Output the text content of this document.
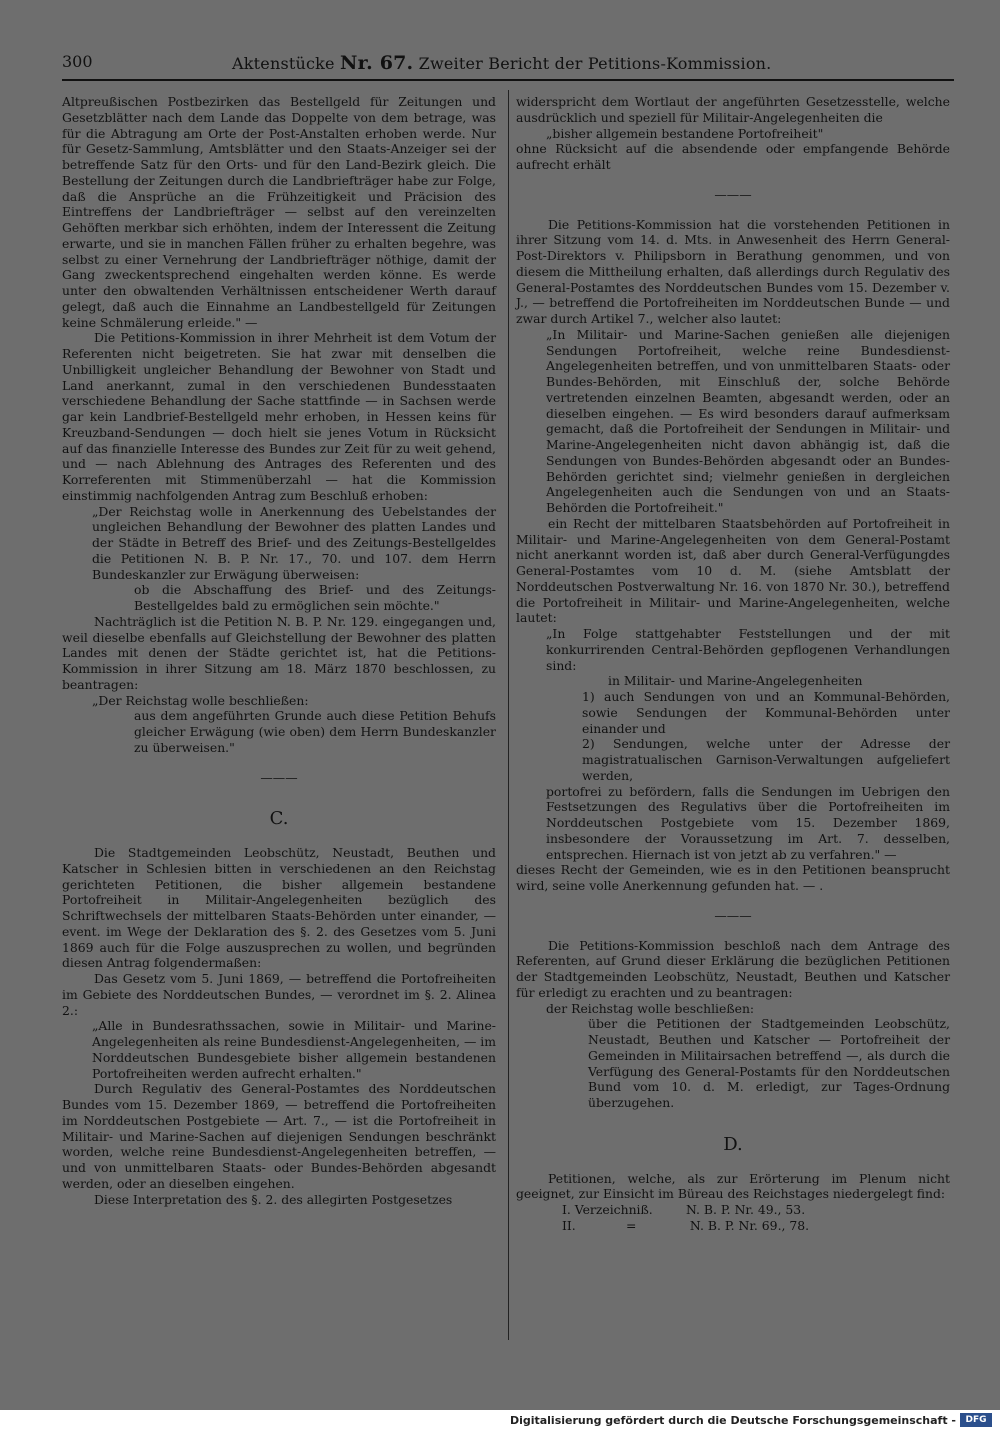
300	Aktenstücke Nr. 67. Zweiter Bericht der Petitions-Kommission.

Altpreußischen Postbezirken das Bestellgeld für Zeitungen und Gesetzblätter nach dem Lande das Doppelte von dem betrage, was für die Abtragung am Orte der Post-Anstalten erhoben werde. Nur für Gesetz-Sammlung, Amtsblätter und den Staats-Anzeiger sei der betreffende Satz für den Orts- und für den Land-Bezirk gleich. Die Bestellung der Zeitungen durch die Landbriefträger habe zur Folge, daß die Ansprüche an die Frühzeitigkeit und Präcision des Eintreffens der Landbriefträger — selbst auf den vereinzelten Gehöften merkbar sich erhöhten, indem der Interessent die Zeitung erwarte, und sie in manchen Fällen früher zu erhalten begehre, was selbst zu einer Vernehrung der Landbriefträger nöthige, damit der Gang zweckentsprechend eingehalten werden könne. Es werde unter den obwaltenden Verhältnissen entscheidener Werth darauf gelegt, daß auch die Einnahme an Landbestellgeld für Zeitungen keine Schmälerung erleide." —

Die Petitions-Kommission in ihrer Mehrheit ist dem Votum der Referenten nicht beigetreten. Sie hat zwar mit denselben die Unbilligkeit ungleicher Behandlung der Bewohner von Stadt und Land anerkannt, zumal in den verschiedenen Bundesstaaten verschiedene Behandlung der Sache stattfinde — in Sachsen werde gar kein Landbrief-Bestellgeld mehr erhoben, in Hessen keins für Kreuzband-Sendungen — doch hielt sie jenes Votum in Rücksicht auf das finanzielle Interesse des Bundes zur Zeit für zu weit gehend, und — nach Ablehnung des Antrages des Referenten und des Korreferenten mit Stimmenüberzahl — hat die Kommission einstimmig nachfolgenden Antrag zum Beschluß erhoben:

„Der Reichstag wolle in Anerkennung des Uebelstandes der ungleichen Behandlung der Bewohner des platten Landes und der Städte in Betreff des Brief- und des Zeitungs-Bestellgeldes die Petitionen N. B. P. Nr. 17., 70. und 107. dem Herrn Bundeskanzler zur Erwägung überweisen:

ob die Abschaffung des Brief- und des Zeitungs-Bestellgeldes bald zu ermöglichen sein möchte."

Nachträglich ist die Petition N. B. P. Nr. 129. eingegangen und, weil dieselbe ebenfalls auf Gleichstellung der Bewohner des platten Landes mit denen der Städte gerichtet ist, hat die Petitions-Kommission in ihrer Sitzung am 18. März 1870 beschlossen, zu beantragen:

„Der Reichstag wolle beschließen:

aus dem angeführten Grunde auch diese Petition Behufs gleicher Erwägung (wie oben) dem Herrn Bundeskanzler zu überweisen."

———

C.

Die Stadtgemeinden Leobschütz, Neustadt, Beuthen und Katscher in Schlesien bitten in verschiedenen an den Reichstag gerichteten Petitionen, die bisher allgemein bestandene Portofreiheit in Militair-Angelegenheiten bezüglich des Schriftwechsels der mittelbaren Staats-Behörden unter einander, — event. im Wege der Deklaration des §. 2. des Gesetzes vom 5. Juni 1869 auch für die Folge auszusprechen zu wollen, und begründen diesen Antrag folgendermaßen:

Das Gesetz vom 5. Juni 1869, — betreffend die Portofreiheiten im Gebiete des Norddeutschen Bundes, — verordnet im §. 2. Alinea 2.:

„Alle in Bundesrathssachen, sowie in Militair- und Marine-Angelegenheiten als reine Bundesdienst-Angelegenheiten, — im Norddeutschen Bundesgebiete bisher allgemein bestandenen Portofreiheiten werden aufrecht erhalten."

Durch Regulativ des General-Postamtes des Norddeutschen Bundes vom 15. Dezember 1869, — betreffend die Portofreiheiten im Norddeutschen Postgebiete — Art. 7., — ist die Portofreiheit in Militair- und Marine-Sachen auf diejenigen Sendungen beschränkt worden, welche reine Bundesdienst-Angelegenheiten betreffen, — und von unmittelbaren Staats- oder Bundes-Behörden abgesandt werden, oder an dieselben eingehen.

Diese Interpretation des §. 2. des allegirten Postgesetzes

widerspricht dem Wortlaut der angeführten Gesetzesstelle, welche ausdrücklich und speziell für Militair-Angelegenheiten die

„bisher allgemein bestandene Portofreiheit"

ohne Rücksicht auf die absendende oder empfangende Behörde aufrecht erhält

———

Die Petitions-Kommission hat die vorstehenden Petitionen in ihrer Sitzung vom 14. d. Mts. in Anwesenheit des Herrn General-Post-Direktors v. Philipsborn in Berathung genommen, und von diesem die Mittheilung erhalten, daß allerdings durch Regulativ des General-Postamtes des Norddeutschen Bundes vom 15. Dezember v. J., — betreffend die Portofreiheiten im Norddeutschen Bunde — und zwar durch Artikel 7., welcher also lautet:

„In Militair- und Marine-Sachen genießen alle diejenigen Sendungen Portofreiheit, welche reine Bundesdienst-Angelegenheiten betreffen, und von unmittelbaren Staats- oder Bundes-Behörden, mit Einschluß der, solche Behörde vertretenden einzelnen Beamten, abgesandt werden, oder an dieselben eingehen. — Es wird besonders darauf aufmerksam gemacht, daß die Portofreiheit der Sendungen in Militair- und Marine-Angelegenheiten nicht davon abhängig ist, daß die Sendungen von Bundes-Behörden abgesandt oder an Bundes-Behörden gerichtet sind; vielmehr genießen in dergleichen Angelegenheiten auch die Sendungen von und an Staats-Behörden die Portofreiheit."

ein Recht der mittelbaren Staatsbehörden auf Portofreiheit in Militair- und Marine-Angelegenheiten von dem General-Postamt nicht anerkannt worden ist, daß aber durch General-Verfügungdes General-Postamtes vom 10 d. M. (siehe Amtsblatt der Norddeutschen Postverwaltung Nr. 16. von 1870 Nr. 30.), betreffend die Portofreiheit in Militair- und Marine-Angelegenheiten, welche lautet:

„In Folge stattgehabter Feststellungen und der mit konkurrirenden Central-Behörden gepflogenen Verhandlungen sind:

in Militair- und Marine-Angelegenheiten

1) auch Sendungen von und an Kommunal-Behörden, sowie Sendungen der Kommunal-Behörden unter einander und

2) Sendungen, welche unter der Adresse der magistratualischen Garnison-Verwaltungen aufgeliefert werden,

portofrei zu befördern, falls die Sendungen im Uebrigen den Festsetzungen des Regulativs über die Portofreiheiten im Norddeutschen Postgebiete vom 15. Dezember 1869, insbesondere der Voraussetzung im Art. 7. desselben, entsprechen. Hiernach ist von jetzt ab zu verfahren." —

dieses Recht der Gemeinden, wie es in den Petitionen beansprucht wird, seine volle Anerkennung gefunden hat. — .

———

Die Petitions-Kommission beschloß nach dem Antrage des Referenten, auf Grund dieser Erklärung die bezüglichen Petitionen der Stadtgemeinden Leobschütz, Neustadt, Beuthen und Katscher für erledigt zu erachten und zu beantragen:

der Reichstag wolle beschließen:

über die Petitionen der Stadtgemeinden Leobschütz, Neustadt, Beuthen und Katscher — Portofreiheit der Gemeinden in Militairsachen betreffend —, als durch die Verfügung des General-Postamts für den Norddeutschen Bund vom 10. d. M. erledigt, zur Tages-Ordnung überzugehen.

D.

Petitionen, welche, als zur Erörterung im Plenum nicht geeignet, zur Einsicht im Büreau des Reichstages niedergelegt find:

I. Verzeichniß.	N. B. P. Nr. 49., 53.

II.	=	N. B. P. Nr. 69., 78.

Digitalisierung gefördert durch die Deutsche Forschungsgemeinschaft -	DFG
